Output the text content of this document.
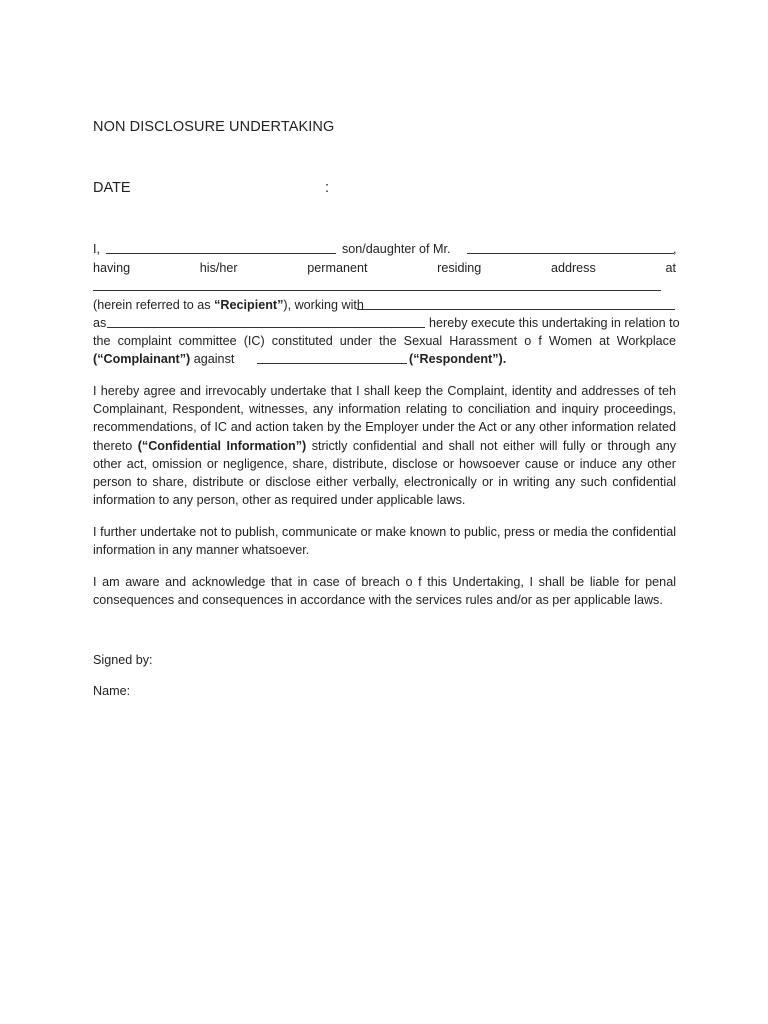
NON DISCLOSURE UNDERTAKING
DATE	:
I,	son/daughter of Mr.	,
having	his/her	permanent	residing	address	at
(herein referred to as “Recipient”), working with
as	hereby execute this undertaking in relation to
the complaint committee (IC) constituted under the Sexual Harassment o f Women at Workplace
(“Complainant”) against	(“Respondent”).
I hereby agree and irrevocably undertake that I shall keep the Complaint, identity and addresses of teh Complainant, Respondent, witnesses, any information relating to conciliation and inquiry proceedings, recommendations, of IC and action taken by the Employer under the Act or any other information related thereto (“Confidential Information”) strictly confidential and shall not either will fully or through any other act, omission or negligence, share, distribute, disclose or howsoever cause or induce any other person to share, distribute or disclose either verbally, electronically or in writing any such confidential information to any person, other as required under applicable laws.
I further undertake not to publish, communicate or make known to public, press or media the confidential information in any manner whatsoever.
I am aware and acknowledge that in case of breach o f this Undertaking, I shall be liable for penal consequences and consequences in accordance with the services rules and/or as per applicable laws.
Signed by:
Name:
